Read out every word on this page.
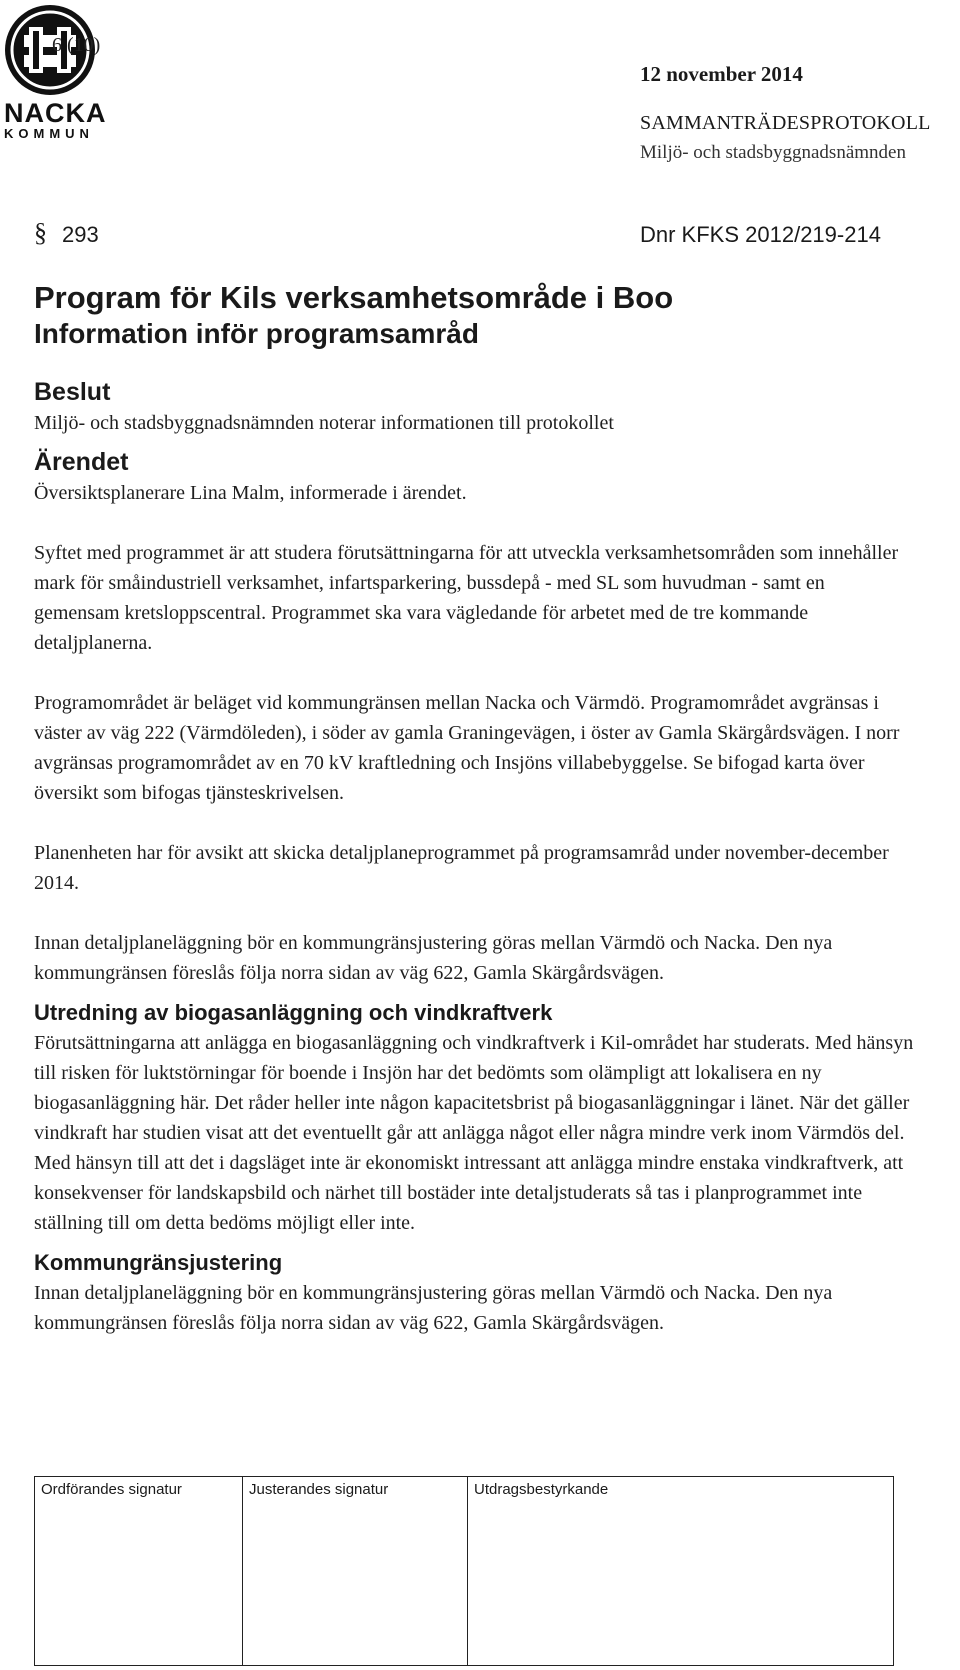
NACKA
KOMMUN
6 (10)
12 november 2014
SAMMANTRÄDESPROTOKOLL
Miljö- och stadsbyggnadsnämnden
§ 293	Dnr KFKS 2012/219-214
Program för Kils verksamhetsområde i Boo
Information inför programsamråd
Beslut

Miljö- och stadsbyggnadsnämnden noterar informationen till protokollet

Ärendet

Översiktsplanerare Lina Malm, informerade i ärendet.

Syftet med programmet är att studera förutsättningarna för att utveckla verksamhetsområden som innehåller mark för småindustriell verksamhet, infartsparkering, bussdepå - med SL som huvudman - samt en gemensam kretsloppscentral. Programmet ska vara vägledande för arbetet med de tre kommande detaljplanerna.

Programområdet är beläget vid kommungränsen mellan Nacka och Värmdö. Programområdet avgränsas i väster av väg 222 (Värmdöleden), i söder av gamla Graningevägen, i öster av Gamla Skärgårdsvägen. I norr avgränsas programområdet av en 70 kV kraftledning och Insjöns villabebyggelse. Se bifogad karta över översikt som bifogas tjänsteskrivelsen.

Planenheten har för avsikt att skicka detaljplaneprogrammet på programsamråd under november-december 2014.

Innan detaljplaneläggning bör en kommungränsjustering göras mellan Värmdö och Nacka. Den nya kommungränsen föreslås följa norra sidan av väg 622, Gamla Skärgårdsvägen.

Utredning av biogasanläggning och vindkraftverk

Förutsättningarna att anlägga en biogasanläggning och vindkraftverk i Kil-området har studerats. Med hänsyn till risken för luktstörningar för boende i Insjön har det bedömts som olämpligt att lokalisera en ny biogasanläggning här. Det råder heller inte någon kapacitetsbrist på biogasanläggningar i länet. När det gäller vindkraft har studien visat att det eventuellt går att anlägga något eller några mindre verk inom Värmdös del. Med hänsyn till att det i dagsläget inte är ekonomiskt intressant att anlägga mindre enstaka vindkraftverk, att konsekvenser för landskapsbild och närhet till bostäder inte detaljstuderats så tas i planprogrammet inte ställning till om detta bedöms möjligt eller inte.

Kommungränsjustering

Innan detaljplaneläggning bör en kommungränsjustering göras mellan Värmdö och Nacka. Den nya kommungränsen föreslås följa norra sidan av väg 622, Gamla Skärgårdsvägen.

Ordförandes signatur	Justerandes signatur	Utdragsbestyrkande
